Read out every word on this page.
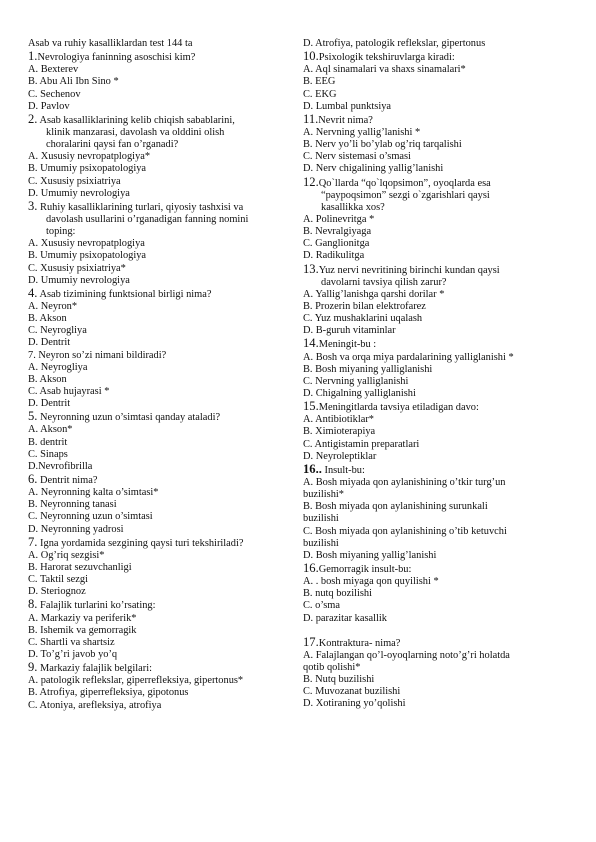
Asab va ruhiy kasalliklardan test 144 ta
1.Nevrologiya faninning asoschisi kim?
A. Bexterev
B. Abu Ali Ibn Sino *
C. Sechenov
D. Pavlov
2. Asab kasalliklarining kelib chiqish sabablarini,
klinik manzarasi, davolash va olddini olish
choralarini qaysi fan o’rganadi?
A. Xususiy nevropatplogiya*
B. Umumiy psixopatologiya
C. Xususiy psixiatriya
D. Umumiy nevrologiya
3. Ruhiy kasalliklarining turlari, qiyosiy tashxisi va
davolash usullarini o’rganadigan fanning nomini
toping:
A. Xususiy nevropatplogiya
B. Umumiy psixopatologiya
C. Xususiy psixiatriya*
D. Umumiy nevrologiya
4. Asab tizimining funktsional birligi nima?
A. Neyron*
B. Akson
C. Neyrogliya
D. Dentrit
7. Neyron so’zi nimani bildiradi?
A. Neyrogliya
B. Akson
C. Asab hujayrasi *
D. Dentrit
5. Neyronning uzun o’simtasi qanday ataladi?
A. Akson*
B. dentrit
C. Sinaps
D.Nevrofibrilla
6. Dentrit nima?
A. Neyronning kalta o’simtasi*
B. Neyronning tanasi
C. Neyronning uzun o’simtasi
D. Neyronning yadrosi
7. Igna yordamida sezgining qaysi turi tekshiriladi?
A. Og’riq sezgisi*
B. Harorat sezuvchanligi
C. Taktil sezgi
D. Steriognoz
8. Falajlik turlarini ko’rsating:
A. Markaziy va periferik*
B. Ishemik va gemorragik
C. Shartli va shartsiz
D. To’g’ri javob yo’q
9. Markaziy falajlik belgilari:
A. patologik reflekslar, giperrefleksiya, gipertonus*
B. Atrofiya, giperrefleksiya, gipotonus
C. Atoniya, arefleksiya, atrofiya
D. Atrofiya, patologik reflekslar, gipertonus
10.Psixologik tekshiruvlarga kiradi:
A. Aql sinamalari va shaxs sinamalari*
B. EEG
C. EKG
D. Lumbal punktsiya
11.Nevrit nima?
A. Nervning yallig’lanishi *
B. Nerv yo’li bo’ylab og’riq tarqalishi
C. Nerv sistemasi o’smasi
D. Nerv chigalining yallig’lanishi
12.Qo`llarda “qo`lqopsimon”, oyoqlarda esa
“paypoqsimon” sezgi o`zgarishlari qaysi
kasallikka xos?
A. Polinevritga *
B. Nevralgiyaga
C. Ganglionitga
D. Radikulitga
13.Yuz nervi nevritining birinchi kundan qaysi
davolarni tavsiya qilish zarur?
A. Yallig’lanishga qarshi dorilar *
B. Prozerin bilan elektrofarez
C. Yuz mushaklarini uqalash
D. B-guruh vitaminlar
14.Meningit-bu :
A. Bosh va orqa miya pardalarining yalliglanishi *
B. Bosh miyaning yalliglanishi
C. Nervning yalliglanishi
D. Chigalning yalliglanishi
15.Meningitlarda tavsiya etiladigan davo:
A. Antibiotiklar*
B. Ximioterapiya
C. Antigistamin preparatlari
D. Neyroleptiklar
16.. Insult-bu:
A. Bosh miyada qon aylanishining o’tkir turg’un
buzilishi*
B. Bosh miyada qon aylanishining surunkali
buzilishi
C. Bosh miyada qon aylanishining o’tib ketuvchi
buzilishi
D. Bosh miyaning yallig’lanishi
16.Gemorragik insult-bu:
A. . bosh miyaga qon quyilishi *
B. nutq bozilishi
C. o’sma
D. parazitar kasallik
17.Kontraktura- nima?
A. Falajlangan qo’l-oyoqlarning noto’g’ri holatda
qotib qolishi*
B. Nutq buzilishi
C. Muvozanat buzilishi
D. Xotiraning yo’qolishi
